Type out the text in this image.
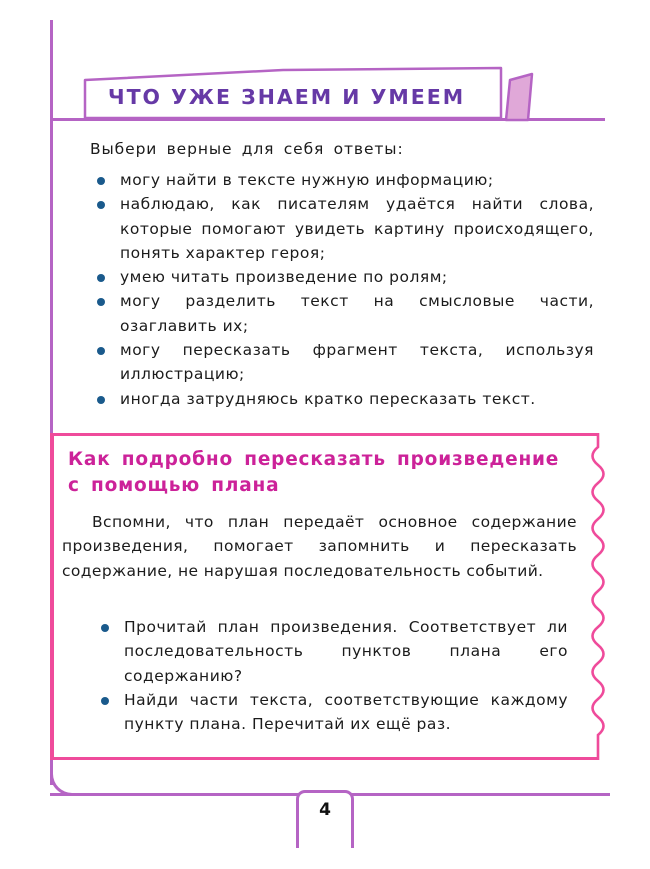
ЧТО УЖЕ ЗНАЕМ И УМЕЕМ
Выбери верные для себя ответы:
могу найти в тексте нужную информацию;
наблюдаю, как писателям удаётся найти слова, которые помогают увидеть картину происходящего, понять характер героя;
умею читать произведение по ролям;
могу разделить текст на смысловые части, озаглавить их;
могу пересказать фрагмент текста, используя иллюстрацию;
иногда затрудняюсь кратко пересказать текст.
Как подробно пересказать произведение с помощью плана
Вспомни, что план передаёт основное содержание произведения, помогает запомнить и пересказать содержание, не нарушая последовательность событий.
Прочитай план произведения. Соответствует ли последовательность пунктов плана его содержанию?
Найди части текста, соответствующие каждому пункту плана. Перечитай их ещё раз.
4
